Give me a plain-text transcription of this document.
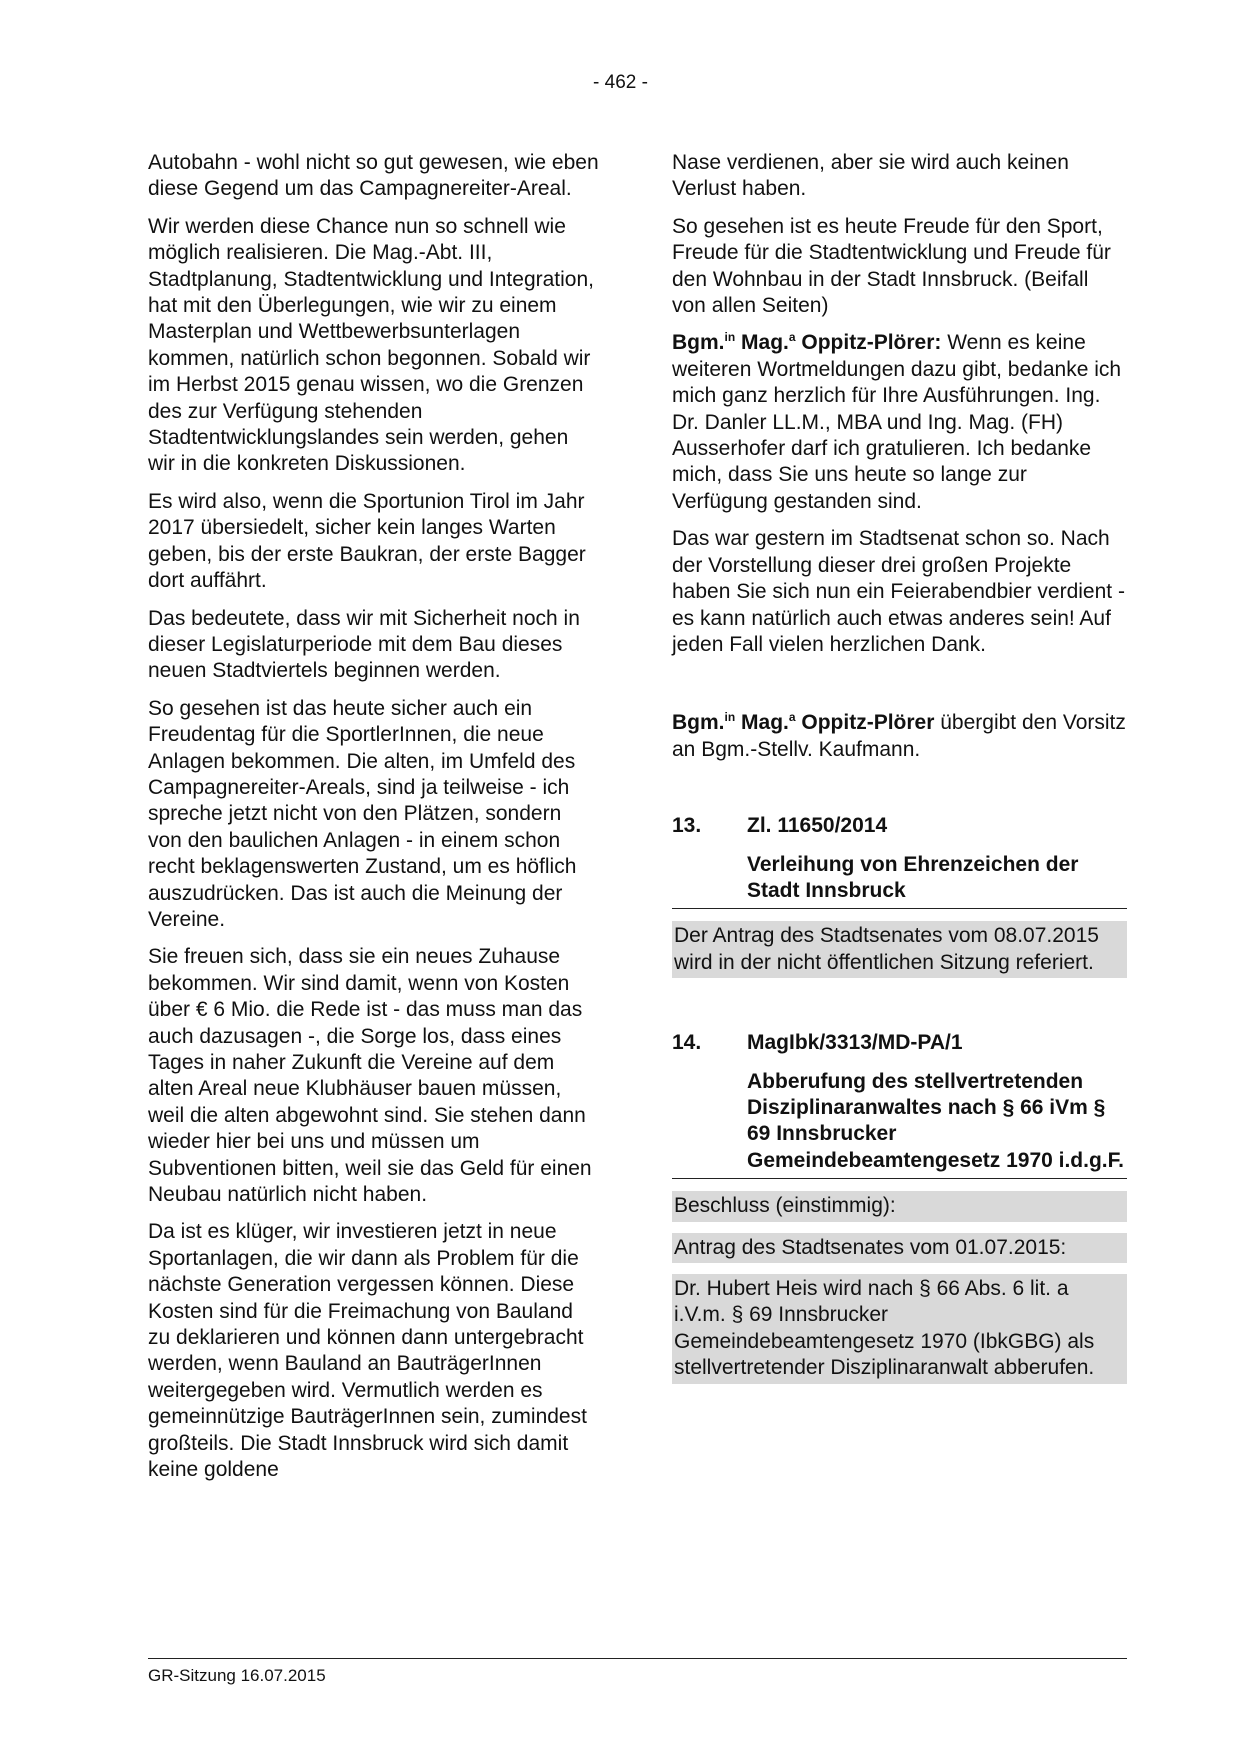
- 462 -

Autobahn - wohl nicht so gut gewesen, wie eben diese Gegend um das Campagnereiter-Areal.

Wir werden diese Chance nun so schnell wie möglich realisieren. Die Mag.-Abt. III, Stadtplanung, Stadtentwicklung und Integration, hat mit den Überlegungen, wie wir zu einem Masterplan und Wettbewerbsunterlagen kommen, natürlich schon begonnen. Sobald wir im Herbst 2015 genau wissen, wo die Grenzen des zur Verfügung stehenden Stadtentwicklungslandes sein werden, gehen wir in die konkreten Diskussionen.

Es wird also, wenn die Sportunion Tirol im Jahr 2017 übersiedelt, sicher kein langes Warten geben, bis der erste Baukran, der erste Bagger dort auffährt.

Das bedeutete, dass wir mit Sicherheit noch in dieser Legislaturperiode mit dem Bau dieses neuen Stadtviertels beginnen werden.

So gesehen ist das heute sicher auch ein Freudentag für die SportlerInnen, die neue Anlagen bekommen. Die alten, im Umfeld des Campagnereiter-Areals, sind ja teilweise - ich spreche jetzt nicht von den Plätzen, sondern von den baulichen Anlagen - in einem schon recht beklagenswerten Zustand, um es höflich auszudrücken. Das ist auch die Meinung der Vereine.

Sie freuen sich, dass sie ein neues Zuhause bekommen. Wir sind damit, wenn von Kosten über € 6 Mio. die Rede ist - das muss man das auch dazusagen -, die Sorge los, dass eines Tages in naher Zukunft die Vereine auf dem alten Areal neue Klubhäuser bauen müssen, weil die alten abgewohnt sind. Sie stehen dann wieder hier bei uns und müssen um Subventionen bitten, weil sie das Geld für einen Neubau natürlich nicht haben.

Da ist es klüger, wir investieren jetzt in neue Sportanlagen, die wir dann als Problem für die nächste Generation vergessen können. Diese Kosten sind für die Freimachung von Bauland zu deklarieren und können dann untergebracht werden, wenn Bauland an BauträgerInnen weitergegeben wird. Vermutlich werden es gemeinnützige BauträgerInnen sein, zumindest großteils. Die Stadt Innsbruck wird sich damit keine goldene

Nase verdienen, aber sie wird auch keinen Verlust haben.

So gesehen ist es heute Freude für den Sport, Freude für die Stadtentwicklung und Freude für den Wohnbau in der Stadt Innsbruck. (Beifall von allen Seiten)

Bgm.$^{in}$ Mag.$^a$ Oppitz-Plörer: Wenn es keine weiteren Wortmeldungen dazu gibt, bedanke ich mich ganz herzlich für Ihre Ausführungen. Ing. Dr. Danler LL.M., MBA und Ing. Mag. (FH) Ausserhofer darf ich gratulieren. Ich bedanke mich, dass Sie uns heute so lange zur Verfügung gestanden sind.

Das war gestern im Stadtsenat schon so. Nach der Vorstellung dieser drei großen Projekte haben Sie sich nun ein Feierabendbier verdient - es kann natürlich auch etwas anderes sein! Auf jeden Fall vielen herzlichen Dank.

Bgm.$^{in}$ Mag.$^a$ Oppitz-Plörer übergibt den Vorsitz an Bgm.-Stellv. Kaufmann.

13.	Zl. 11650/2014
Verleihung von Ehrenzeichen der Stadt Innsbruck

Der Antrag des Stadtsenates vom 08.07.2015 wird in der nicht öffentlichen Sitzung referiert.

14.	MagIbk/3313/MD-PA/1
Abberufung des stellvertretenden Disziplinaranwaltes nach § 66 iVm § 69 Innsbrucker Gemeindebeamtengesetz 1970 i.d.g.F.

Beschluss (einstimmig):

Antrag des Stadtsenates vom 01.07.2015:

Dr. Hubert Heis wird nach § 66 Abs. 6 lit. a i.V.m. § 69 Innsbrucker Gemeindebeamtengesetz 1970 (IbkGBG) als stellvertretender Disziplinaranwalt abberufen.

GR-Sitzung 16.07.2015
